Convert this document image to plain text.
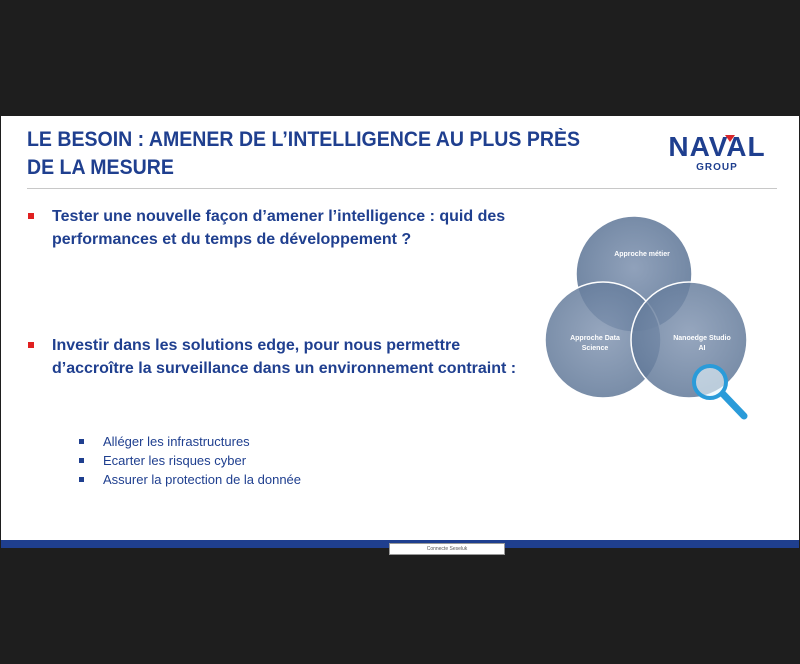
LE BESOIN : AMENER DE L’INTELLIGENCE AU PLUS PRÈS DE LA MESURE
NAVAL
GROUP
Tester une nouvelle façon d’amener l’intelligence : quid des performances et du temps de développement ?
Investir dans les solutions edge, pour nous permettre d’accroître la surveillance dans un environnement contraint :
Alléger les infrastructures
Ecarter les risques cyber
Assurer la protection de la donnée
Approche métier
Approche Data
Science
Nanoedge Studio
AI
Connecte Seseluk
